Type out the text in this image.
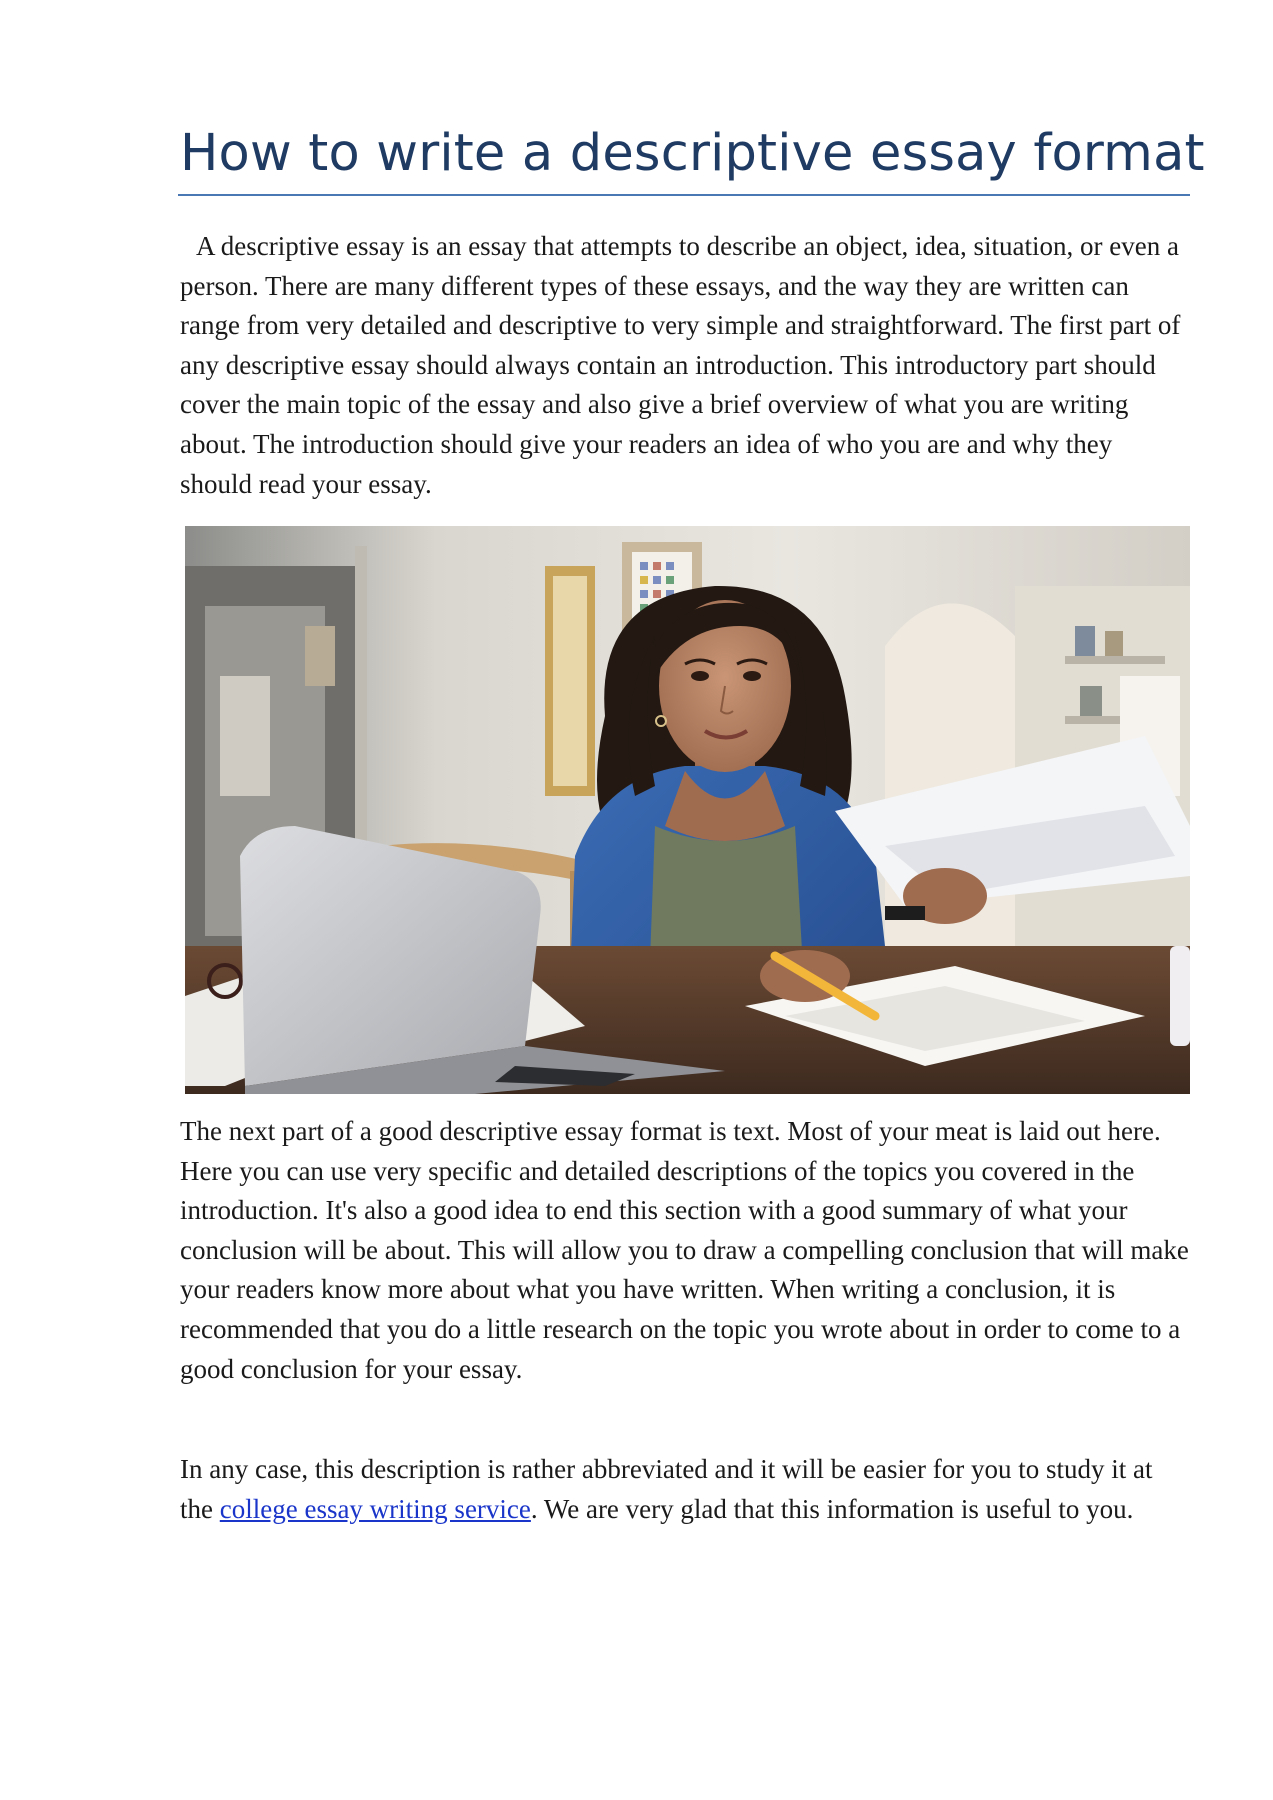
How to write a descriptive essay format

A descriptive essay is an essay that attempts to describe an object, idea, situation, or even a person. There are many different types of these essays, and the way they are written can range from very detailed and descriptive to very simple and straightforward. The first part of any descriptive essay should always contain an introduction. This introductory part should cover the main topic of the essay and also give a brief overview of what you are writing about. The introduction should give your readers an idea of who you are and why they should read your essay.

The next part of a good descriptive essay format is text. Most of your meat is laid out here. Here you can use very specific and detailed descriptions of the topics you covered in the introduction. It's also a good idea to end this section with a good summary of what your conclusion will be about. This will allow you to draw a compelling conclusion that will make your readers know more about what you have written. When writing a conclusion, it is recommended that you do a little research on the topic you wrote about in order to come to a good conclusion for your essay.

In any case, this description is rather abbreviated and it will be easier for you to study it at the college essay writing service. We are very glad that this information is useful to you.
